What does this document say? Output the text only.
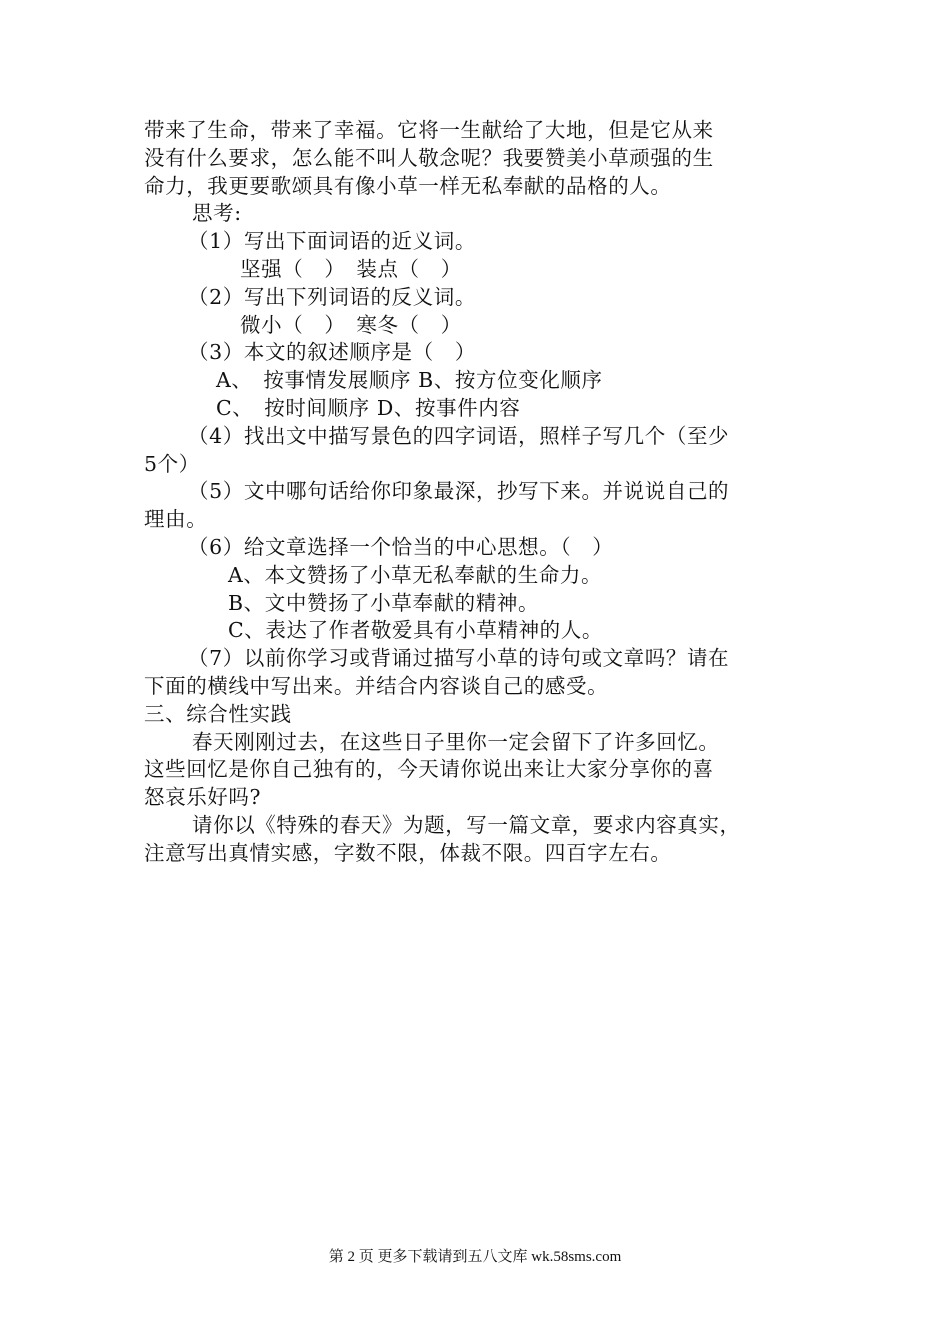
带来了生命，带来了幸福。它将一生献给了大地，但是它从来
没有什么要求，怎么能不叫人敬念呢？我要赞美小草顽强的生
命力，我更要歌颂具有像小草一样无私奉献的品格的人。
思考:
（1）写出下面词语的近义词。
坚强（　）　装点（　）
（2）写出下列词语的反义词。
微小（　）　寒冬（　）
（3）本文的叙述顺序是（　）
A、　按事情发展顺序 B、按方位变化顺序
C、　按时间顺序 D、按事件内容
（4）找出文中描写景色的四字词语，照样子写几个（至少
5个）
（5）文中哪句话给你印象最深，抄写下来。并说说自己的
理由。
（6）给文章选择一个恰当的中心思想。（　）
A、本文赞扬了小草无私奉献的生命力。
B、文中赞扬了小草奉献的精神。
C、表达了作者敬爱具有小草精神的人。
（7）以前你学习或背诵过描写小草的诗句或文章吗？请在
下面的横线中写出来。并结合内容谈自己的感受。
三、综合性实践
春天刚刚过去，在这些日子里你一定会留下了许多回忆。
这些回忆是你自己独有的，今天请你说出来让大家分享你的喜
怒哀乐好吗?
请你以《特殊的春天》为题，写一篇文章，要求内容真实，
注意写出真情实感，字数不限，体裁不限。四百字左右。
第 2 页 更多下载请到五八文库 wk.58sms.com
